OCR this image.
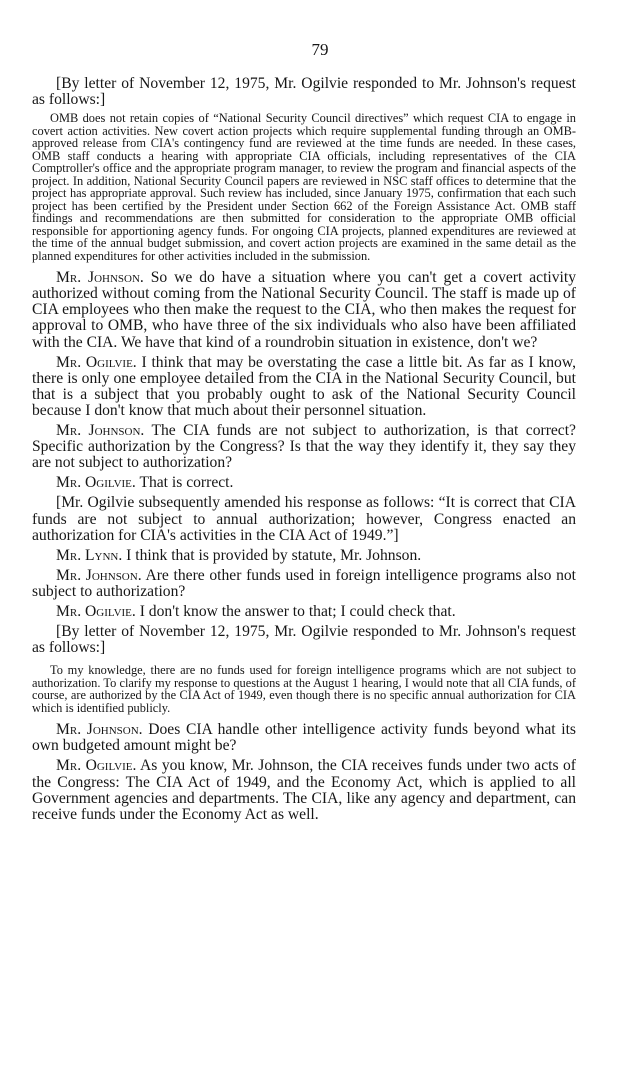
79

[By letter of November 12, 1975, Mr. Ogilvie responded to Mr. Johnson's request as follows:]

OMB does not retain copies of “National Security Council directives” which request CIA to engage in covert action activities. New covert action projects which require supplemental funding through an OMB-approved release from CIA's contingency fund are reviewed at the time funds are needed. In these cases, OMB staff conducts a hearing with appropriate CIA officials, including representatives of the CIA Comptroller's office and the appropriate program manager, to review the program and financial aspects of the project. In addition, National Security Council papers are reviewed in NSC staff offices to determine that the project has appropriate approval. Such review has included, since January 1975, confirmation that each such project has been certified by the President under Section 662 of the Foreign Assistance Act. OMB staff findings and recommendations are then submitted for consideration to the appropriate OMB official responsible for apportioning agency funds. For ongoing CIA projects, planned expenditures are reviewed at the time of the annual budget submission, and covert action projects are examined in the same detail as the planned expenditures for other activities included in the submission.

Mr. Johnson. So we do have a situation where you can't get a covert activity authorized without coming from the National Security Council. The staff is made up of CIA employees who then make the request to the CIA, who then makes the request for approval to OMB, who have three of the six individuals who also have been affiliated with the CIA. We have that kind of a roundrobin situation in existence, don't we?

Mr. Ogilvie. I think that may be overstating the case a little bit. As far as I know, there is only one employee detailed from the CIA in the National Security Council, but that is a subject that you probably ought to ask of the National Security Council because I don't know that much about their personnel situation.

Mr. Johnson. The CIA funds are not subject to authorization, is that correct? Specific authorization by the Congress? Is that the way they identify it, they say they are not subject to authorization?

Mr. Ogilvie. That is correct.

[Mr. Ogilvie subsequently amended his response as follows: “It is correct that CIA funds are not subject to annual authorization; however, Congress enacted an authorization for CIA's activities in the CIA Act of 1949.”]

Mr. Lynn. I think that is provided by statute, Mr. Johnson.

Mr. Johnson. Are there other funds used in foreign intelligence programs also not subject to authorization?

Mr. Ogilvie. I don't know the answer to that; I could check that.

[By letter of November 12, 1975, Mr. Ogilvie responded to Mr. Johnson's request as follows:]

To my knowledge, there are no funds used for foreign intelligence programs which are not subject to authorization. To clarify my response to questions at the August 1 hearing, I would note that all CIA funds, of course, are authorized by the CIA Act of 1949, even though there is no specific annual authorization for CIA which is identified publicly.

Mr. Johnson. Does CIA handle other intelligence activity funds beyond what its own budgeted amount might be?

Mr. Ogilvie. As you know, Mr. Johnson, the CIA receives funds under two acts of the Congress: The CIA Act of 1949, and the Economy Act, which is applied to all Government agencies and departments. The CIA, like any agency and department, can receive funds under the Economy Act as well.
